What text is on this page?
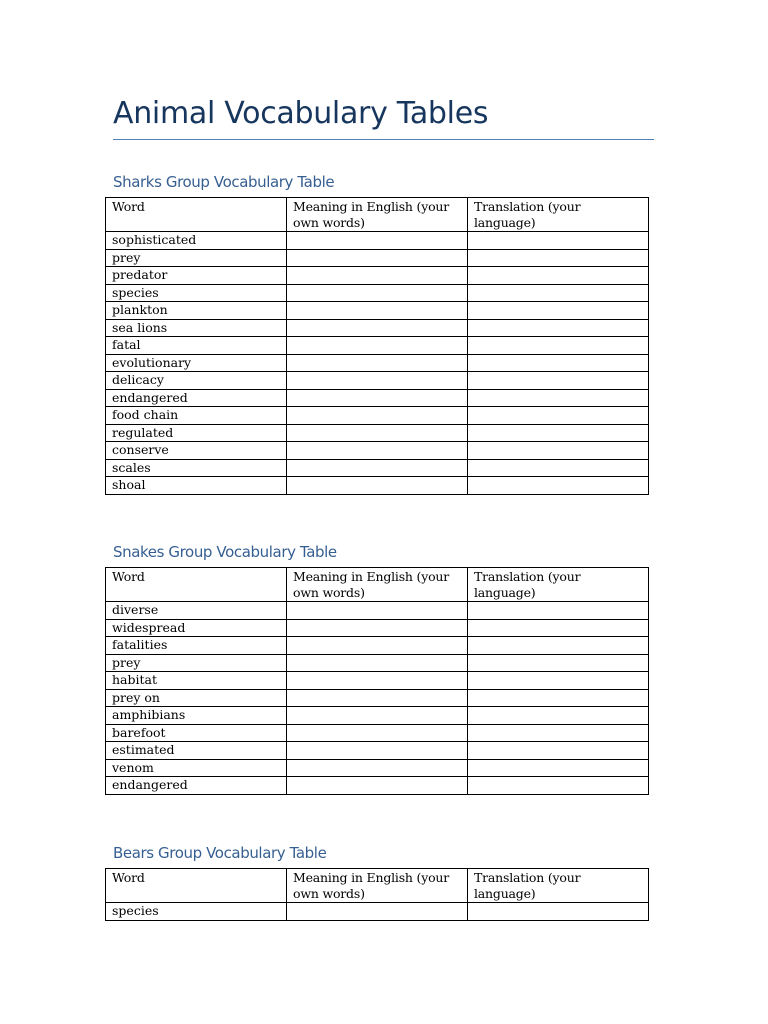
Animal Vocabulary Tables
Sharks Group Vocabulary Table
Word	Meaning in English (your own words)	Translation (your language)
sophisticated		
prey		
predator		
species		
plankton		
sea lions		
fatal		
evolutionary		
delicacy		
endangered		
food chain		
regulated		
conserve		
scales		
shoal		
Snakes Group Vocabulary Table
Word	Meaning in English (your own words)	Translation (your language)
diverse		
widespread		
fatalities		
prey		
habitat		
prey on		
amphibians		
barefoot		
estimated		
venom		
endangered		
Bears Group Vocabulary Table
Word	Meaning in English (your own words)	Translation (your language)
species		
